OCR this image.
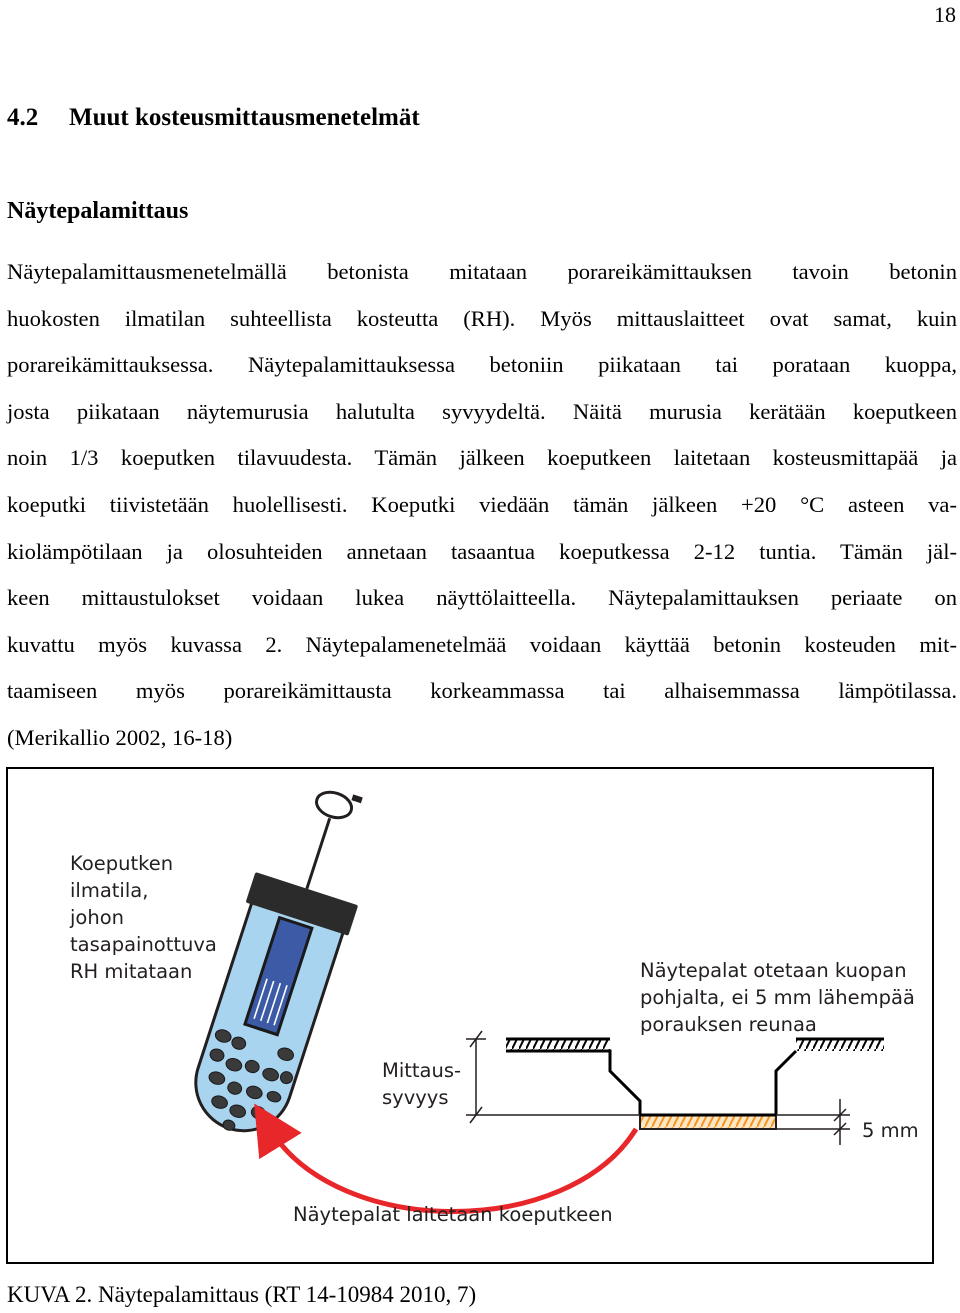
18
4.2 Muut kosteusmittausmenetelmät
Näytepalamittaus
Näytepalamittausmenetelmällä betonista mitataan porareikämittauksen tavoin betonin
huokosten ilmatilan suhteellista kosteutta (RH). Myös mittauslaitteet ovat samat, kuin
porareikämittauksessa. Näytepalamittauksessa betoniin piikataan tai porataan kuoppa,
josta piikataan näytemurusia halutulta syvyydeltä. Näitä murusia kerätään koeputkeen
noin 1/3 koeputken tilavuudesta. Tämän jälkeen koeputkeen laitetaan kosteusmittapää ja
koeputki tiivistetään huolellisesti. Koeputki viedään tämän jälkeen +20 °C asteen va-
kiolämpötilaan ja olosuhteiden annetaan tasaantua koeputkessa 2-12 tuntia. Tämän jäl-
keen mittaustulokset voidaan lukea näyttölaitteella. Näytepalamittauksen periaate on
kuvattu myös kuvassa 2. Näytepalamenetelmää voidaan käyttää betonin kosteuden mit-
taamiseen myös porareikämittausta korkeammassa tai alhaisemmassa lämpötilassa.
(Merikallio 2002, 16-18)
Koeputken ilmatila, johon tasapainottuva RH mitataan	Näytepalat otetaan kuopan pohjalta, ei 5 mm lähempää porauksen reunaa
Mittaus- syvyys
5 mm
Näytepalat laitetaan koeputkeen

KUVA 2. Näytepalamittaus (RT 14-10984 2010, 7)
